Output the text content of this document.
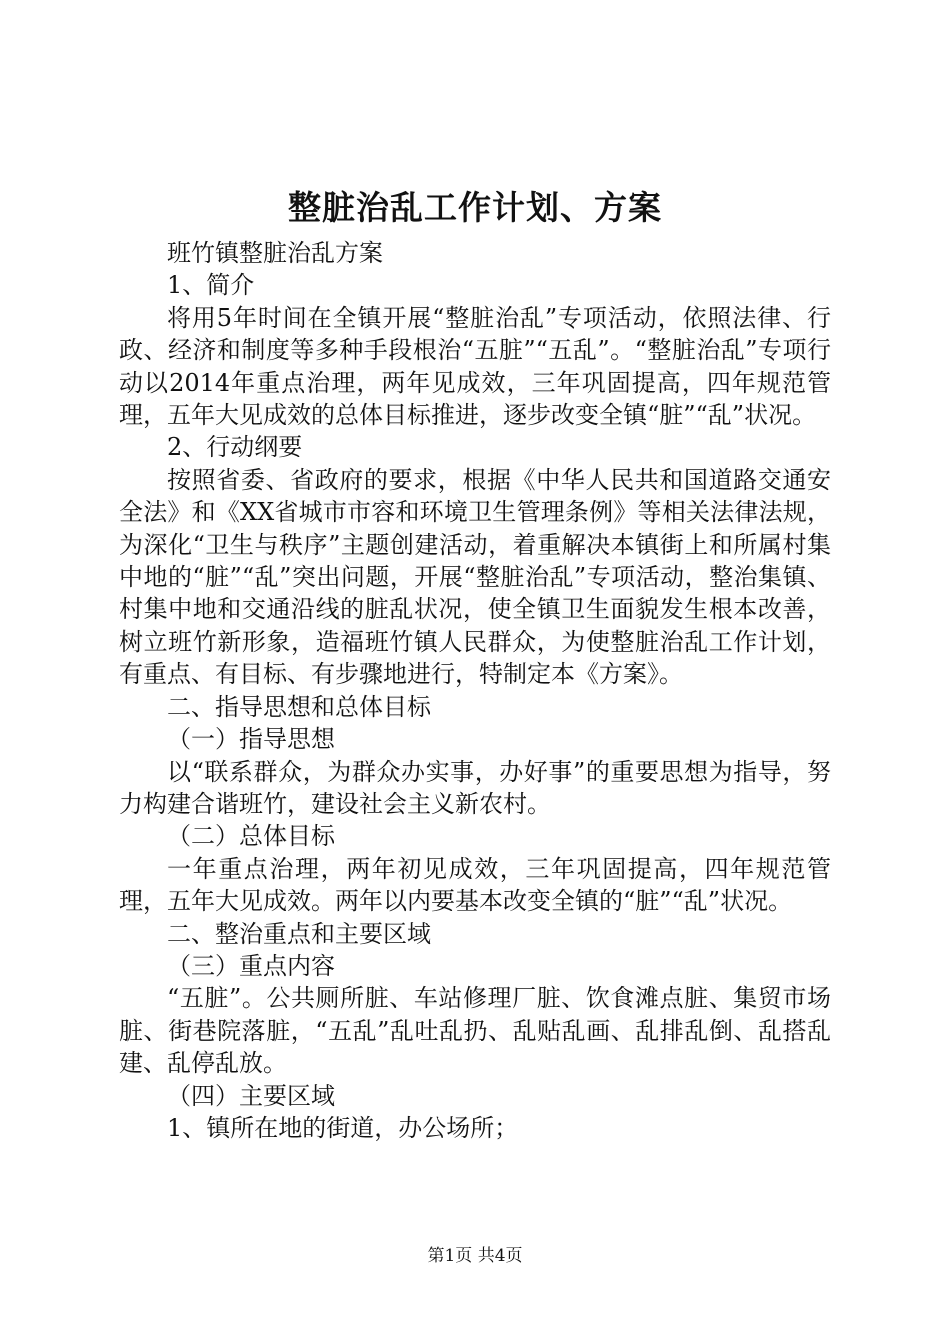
整脏治乱工作计划、方案

班竹镇整脏治乱方案

1、简介

将用5年时间在全镇开展“整脏治乱”专项活动，依照法律、行政、经济和制度等多种手段根治“五脏”“五乱”。“整脏治乱”专项行动以2014年重点治理，两年见成效，三年巩固提高，四年规范管理，五年大见成效的总体目标推进，逐步改变全镇“脏”“乱”状况。

2、行动纲要

按照省委、省政府的要求，根据《中华人民共和国道路交通安全法》和《XX省城市市容和环境卫生管理条例》等相关法律法规，为深化“卫生与秩序”主题创建活动，着重解决本镇街上和所属村集中地的“脏”“乱”突出问题，开展“整脏治乱”专项活动，整治集镇、村集中地和交通沿线的脏乱状况，使全镇卫生面貌发生根本改善，树立班竹新形象，造福班竹镇人民群众，为使整脏治乱工作计划，有重点、有目标、有步骤地进行，特制定本《方案》。

二、指导思想和总体目标

（一）指导思想

以“联系群众，为群众办实事，办好事”的重要思想为指导，努力构建合谐班竹，建设社会主义新农村。

（二）总体目标

一年重点治理，两年初见成效，三年巩固提高，四年规范管理，五年大见成效。两年以内要基本改变全镇的“脏”“乱”状况。

二、整治重点和主要区域

（三）重点内容

“五脏”。公共厕所脏、车站修理厂脏、饮食滩点脏、集贸市场脏、街巷院落脏，“五乱”乱吐乱扔、乱贴乱画、乱排乱倒、乱搭乱建、乱停乱放。

（四）主要区域

1、镇所在地的街道，办公场所；

第1页 共4页
